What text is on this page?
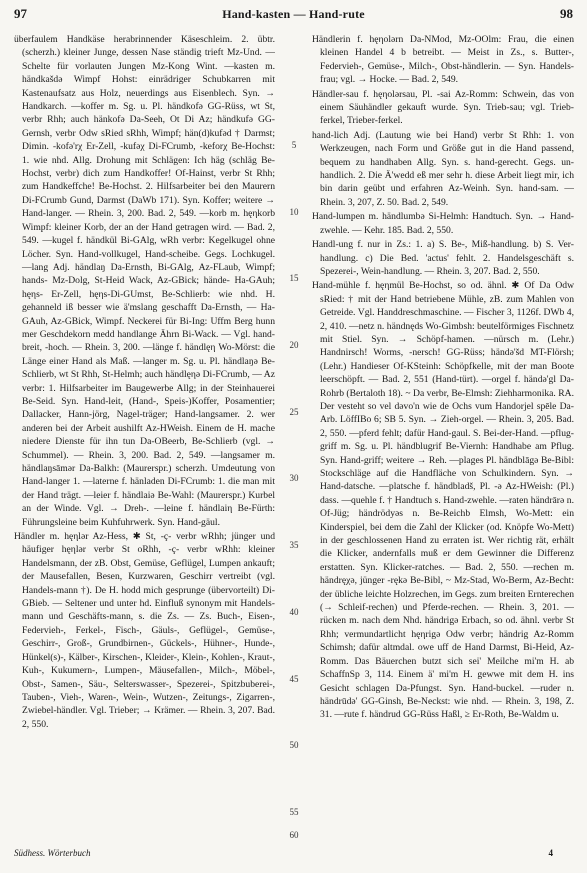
97	Hand-kasten — Hand-rute	98

überfaulem Handkäse herabrinnender Käseschleim. 2. übtr. (scherzh.) kleiner Junge, dessen Nase ständig trieft Mz-Und. — Schelte für vorlauten Jungen Mz-Kong Wint. —kasten m. händkašdə Wimpf Hohst: einrädriger Schubkarren mit Kastenaufsatz aus Holz, neuerdings aus Eisenblech. Syn. → Handkarch. —koffer m. Sg. u. Pl. händkofə GG-Rüss, wt St, verbr Rhh; auch hänkofə Da-Seeh, Ot Di Az; händkufə GG-Gernsh, verbr Odw sRied sRhh, Wimpf; hän(d)kufəd † Darmst; Dimin. -kofə'rχ Er-Zell, -kufəχ Di-FCrumb, -keforχ Be-Hochst: 1. wie nhd. Allg. Drohung mit Schlägen: Ich häg (schläg Be-Hochst, verbr) dich zum Handkoffer! Of-Hainst, verbr St Rhh; zum Handkeffche! Be-Hochst. 2. Hilfsarbeiter bei den Maurern Di-FCrumb Gund, Darmst (DaWb 171). Syn. Koffer; weitere → Hand-langer. — Rhein. 3, 200. Bad. 2, 549. —korb m. hęηkorb Wimpf: kleiner Korb, der an der Hand getragen wird. — Bad. 2, 549. —kugel f. händkül Bi-GAlg, wRh verbr: Kegelkugel ohne Löcher. Syn. Hand-vollkugel, Hand-scheibe. Gegs. Lochkugel. —lang Adj. händlaŋ Da-Ernsth, Bi-GAlg, Az-FLaub, Wimpf; hands- Mz-Dolg, St-Heid Wack, Az-GBick; hände- Ha-GAuh; hęηs- Er-Zell, hęηs-Di-GUmst, Be-Schlierb: wie nhd. H. gehanneld iß besser wie ä'mslang geschafft Da-Ernsth, — Ha-GAuh, Az-GBick, Wimpf. Neckerei für Bi-Ing: Uffm Berg hunn mer Geschdekorn medd handlange Ährn Bi-Wack. — Vgl. hand-breit, -hoch. — Rhein. 3, 200. —länge f. händlęη Wo-Mörst: die Länge einer Hand als Maß. —langer m. Sg. u. Pl. händlaŋə Be-Schlierb, wt St Rhh, St-Helmh; auch händlęηə Di-FCrumb, — Az verbr: 1. Hilfsarbeiter im Baugewerbe Allg; in der Steinhauerei Be-Seid. Syn. Hand-leit, (Hand-, Speis-)Koffer, Posamentier; Dallacker, Hann-jörg, Nagel-träger; Hand-langsamer. 2. wer anderen bei der Arbeit aushilft Az-HWeish. Einem de H. mache niedere Dienste für ihn tun Da-OBeerb, Be-Schlierb (vgl. → Schummel). — Rhein. 3, 200. Bad. 2, 549. —langsamer m. händlaŋsāmər Da-Balkh: (Maurerspr.) scherzh. Umdeutung von Hand-langer 1. —laterne f. hänladen Di-FCrumb: 1. die man mit der Hand trägt. —leier f. händlaiə Be-Wahl: (Maurerspr.) Kurbel an der Winde. Vgl. → Dreh-. —leine f. händlaiη Be-Fürth: Führungsleine beim Kuhfuhrwerk. Syn. Hand-gäul.

Händler m. hęηlər Az-Hess, ✱ St, -ç- verbr wRhh; jünger und häufiger hęηlər verbr St oRhh, -ç- verbr wRhh: kleiner Handelsmann, der zB. Obst, Gemüse, Geflügel, Lumpen ankauft; der Mausefallen, Besen, Kurzwaren, Geschirr vertreibt (vgl. Handels-mann †). De H. hodd mich gesprunge (übervorteilt) Di-GBieb. — Seltener und unter hd. Einfluß synonym mit Handels-mann und Geschäfts-mann, s. die Zs. — Zs. Buch-, Eisen-, Federvieh-, Ferkel-, Fisch-, Gäuls-, Geflügel-, Gemüse-, Geschirr-, Groß-, Grundbirnen-, Gückels-, Hühner-, Hunde-, Hünkel(s)-, Kälber-, Kirschen-, Kleider-, Klein-, Kohlen-, Kraut-, Kuh-, Kukumern-, Lumpen-, Mäusefallen-, Milch-, Möbel-, Obst-, Samen-, Säu-, Selterswasser-, Spezerei-, Spitzbuberei-, Tauben-, Vieh-, Waren-, Wein-, Wutzen-, Zeitungs-, Zigarren-, Zwiebel-händler. Vgl. Trieber; → Krämer. — Rhein. 3, 207. Bad. 2, 550.

5
10
15
20
25
30
35
40
45
50
55
60

Händlerin f. hęηolərn Da-NMod, Mz-OOlm: Frau, die einen kleinen Handel 4 b betreibt. — Meist in Zs., s. Butter-, Federvieh-, Gemüse-, Milch-, Obst-händlerin. — Syn. Handels-frau; vgl. → Hocke. — Bad. 2, 549.

Händler-sau f. hęηolərsau, Pl. -sai Az-Romm: Schwein, das von einem Säuhändler gekauft wurde. Syn. Trieb-sau; vgl. Trieb-ferkel, Trieber-ferkel.

hand-lich Adj. (Lautung wie bei Hand) verbr St Rhh: 1. von Werkzeugen, nach Form und Größe gut in die Hand passend, bequem zu handhaben Allg. Syn. s. hand-gerecht. Gegs. un-handlich. 2. Die Ä'wedd eß mer sehr h. diese Arbeit liegt mir, ich bin darin geübt und erfahren Az-Weinh. Syn. hand-sam. — Rhein. 3, 207, Z. 50. Bad. 2, 549.

Hand-lumpen m. händlumbə Si-Helmh: Handtuch. Syn. → Hand-zwehle. — Kehr. 185. Bad. 2, 550.

Handl-ung f. nur in Zs.: 1. a) S. Be-, Miß-handlung. b) S. Ver-handlung. c) Die Bed. 'actus' fehlt. 2. Handelsgeschäft s. Spezerei-, Wein-handlung. — Rhein. 3, 207. Bad. 2, 550.

Hand-mühle f. hęηmül Be-Hochst, so od. ähnl. ✱ Of Da Odw sRied: † mit der Hand betriebene Mühle, zB. zum Mahlen von Getreide. Vgl. Handdreschmaschine. — Fischer 3, 1126f. DWb 4, 2, 410. —netz n. händnęds Wo-Gimbsh: beutelförmiges Fischnetz mit Stiel. Syn. → Schöpf-hamen. —nürsch m. (Lehr.) Handnirsch! Worms, -nersch! GG-Rüss; händə'šd MT-Flörsh; (Lehr.) Handieser Of-KSteinh: Schöpfkelle, mit der man Boote leerschöpft. — Bad. 2, 551 (Hand-türt). —orgel f. händə'gl Da-Rohrb (Bertaloth 18). ~ Da verbr, Be-Elmsh: Ziehharmonika. RA. Der vesteht so vel dəvo'n wie de Ochs vum Handorjel spēle Da-Arb. LöffIBo 6; SB 5. Syn. → Zieh-orgel. — Rhein. 3, 205. Bad. 2, 550. —pferd fehlt; dafür Hand-gaul. S. Bei-der-Hand. —pflug-griff m. Sg. u. Pl. händblugrif Be-Viernh: Handhabe am Pflug. Syn. Hand-griff; weitere → Reh. —plages Pl. händblāgə Be-Bibl: Stockschläge auf die Handfläche von Schulkindern. Syn. → Hand-datsche. —platsche f. händbladš, Pl. -ə Az-HWeish: (Pl.) dass. —quehle f. † Handtuch s. Hand-zwehle. —raten händrārə n. Of-Jüg; händrödyəs n. Be-Reichb Elmsh, Wo-Mett: ein Kinderspiel, bei dem die Zahl der Klicker (od. Knöpfe Wo-Mett) in der geschlossenen Hand zu erraten ist. Wer richtig rät, erhält die Klicker, andernfalls muß er dem Gewinner die Differenz erstatten. Syn. Klicker-ratches. — Bad. 2, 550. —rechen m. händręχə, jünger -rękə Be-Bibl, ~ Mz-Stad, Wo-Berm, Az-Becht: der übliche leichte Holzrechen, im Gegs. zum breiten Ernterechen (→ Schleif-rechen) und Pferde-rechen. — Rhein. 3, 201. —rücken m. nach dem Nhd. händrigə Erbach, so od. ähnl. verbr St Rhh; vermundartlicht hęηrigə Odw verbr; händrig Az-Romm Schimsh; dafür altmdal. owe uff de Hand Darmst, Bi-Heid, Az-Romm. Das Bäuerchen butzt sich sei' Meilche mi'm H. ab SchaffnSp 3, 114. Einem ä' mi'm H. gewwe mit dem H. ins Gesicht schlagen Da-Pfungst. Syn. Hand-buckel. —ruder n. händrūdə' GG-Ginsh, Be-Neckst: wie nhd. — Rhein. 3, 198, Z. 31. —rute f. händrud GG-Rüss Haßl, ≥ Er-Roth, Be-Waldm u.

Südhess. Wörterbuch	4
